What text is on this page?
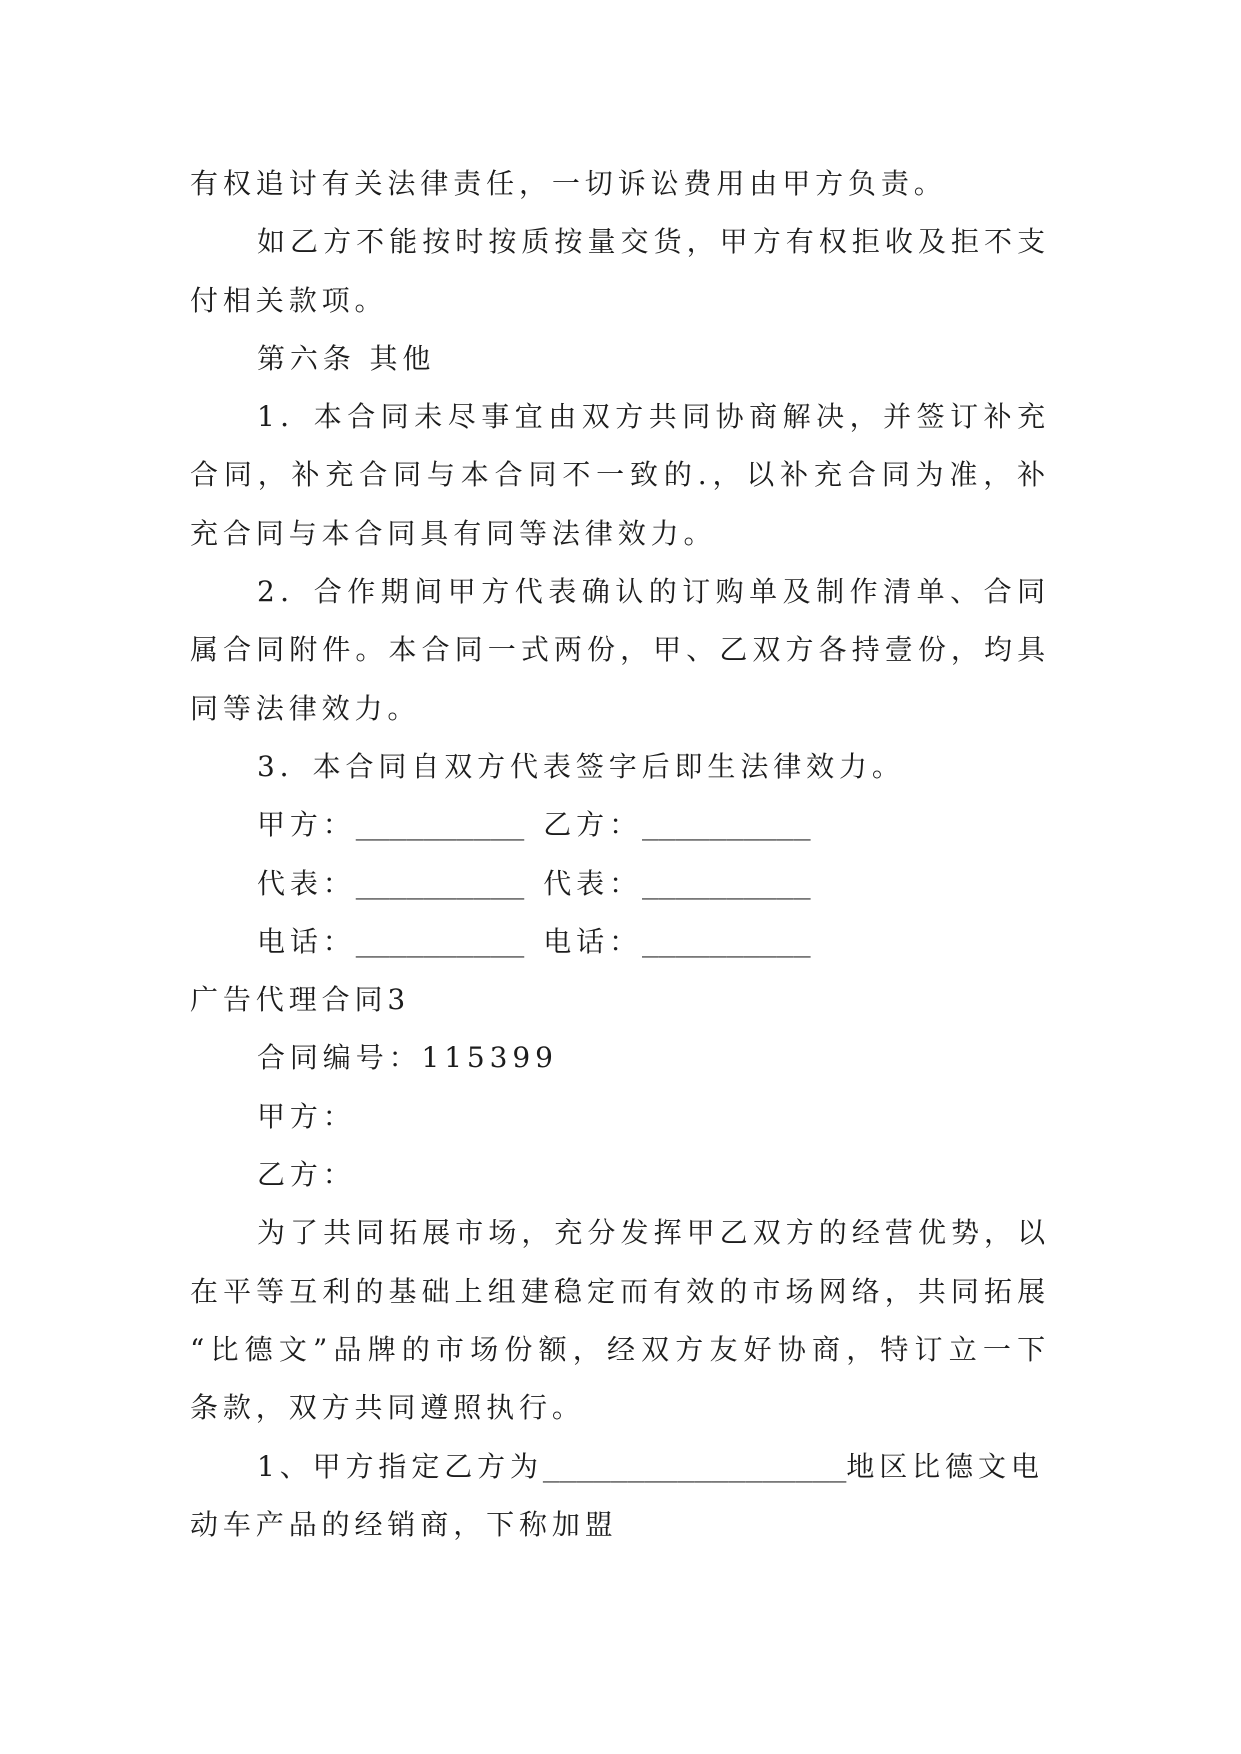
有权追讨有关法律责任，一切诉讼费用由甲方负责。
如乙方不能按时按质按量交货，甲方有权拒收及拒不支
付相关款项。
第六条 其他
1．本合同未尽事宜由双方共同协商解决，并签订补充
合同，补充合同与本合同不一致的.，以补充合同为准，补
充合同与本合同具有同等法律效力。
2．合作期间甲方代表确认的订购单及制作清单、合同
属合同附件。本合同一式两份，甲、乙双方各持壹份，均具
同等法律效力。
3．本合同自双方代表签字后即生法律效力。
甲方：__________ 乙方：__________
代表：__________ 代表：__________
电话：__________ 电话：__________
广告代理合同3
合同编号：115399
甲方：
乙方：
为了共同拓展市场，充分发挥甲乙双方的经营优势，以
在平等互利的基础上组建稳定而有效的市场网络，共同拓展
“比德文”品牌的市场份额，经双方友好协商，特订立一下
条款，双方共同遵照执行。
1、甲方指定乙方为__________________地区比德文电
动车产品的经销商，下称加盟
